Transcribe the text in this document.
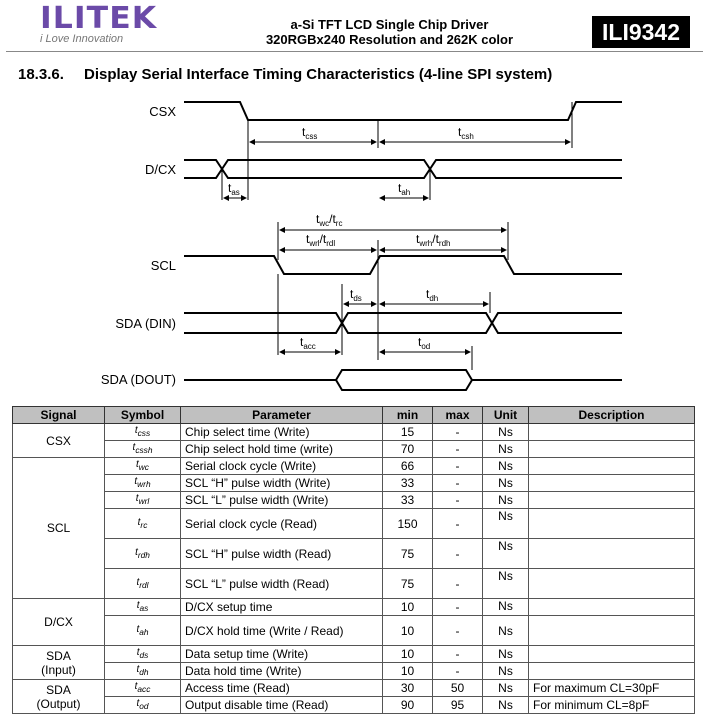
ILITEK
i Love Innovation
a-Si TFT LCD Single Chip Driver
320RGBx240 Resolution and 262K color	ILI9342
18.3.6. Display Serial Interface Timing Characteristics (4-line SPI system)
CSX
D/CX
SCL
SDA (DIN)
SDA (DOUT)
$t_{css}$	$t_{csh}$
$t_{as}$	$t_{ah}$
$t_{wc}/t_{rc}$
$t_{wrl}/t_{rdl}$	$t_{wrh}/t_{rdh}$
$t_{ds}$	$t_{dh}$
$t_{acc}$	$t_{od}$
Signal	Symbol	Parameter	min	max	Unit	Description
CSX	$t_{css}$	Chip select time (Write)	15	-	Ns	
	$t_{cssh}$	Chip select hold time (write)	70	-	Ns	
SCL	$t_{wc}$	Serial clock cycle (Write)	66	-	Ns	
	$t_{wrh}$	SCL “H” pulse width (Write)	33	-	Ns	
	$t_{wrl}$	SCL “L” pulse width (Write)	33	-	Ns	
	$t_{rc}$	Serial clock cycle (Read)	150	-	Ns	
	$t_{rdh}$	SCL “H” pulse width (Read)	75	-	Ns	
	$t_{rdl}$	SCL “L” pulse width (Read)	75	-	Ns	
D/CX	$t_{as}$	D/CX setup time	10	-	Ns	
	$t_{ah}$	D/CX hold time (Write / Read)	10	-	Ns	
SDA
(Input)	$t_{ds}$	Data setup time (Write)	10	-	Ns	
	$t_{dh}$	Data hold time (Write)	10	-	Ns	
SDA
(Output)	$t_{acc}$	Access time (Read)	30	50	Ns	For maximum CL=30pF
	$t_{od}$	Output disable time (Read)	90	95	Ns	For minimum CL=8pF
